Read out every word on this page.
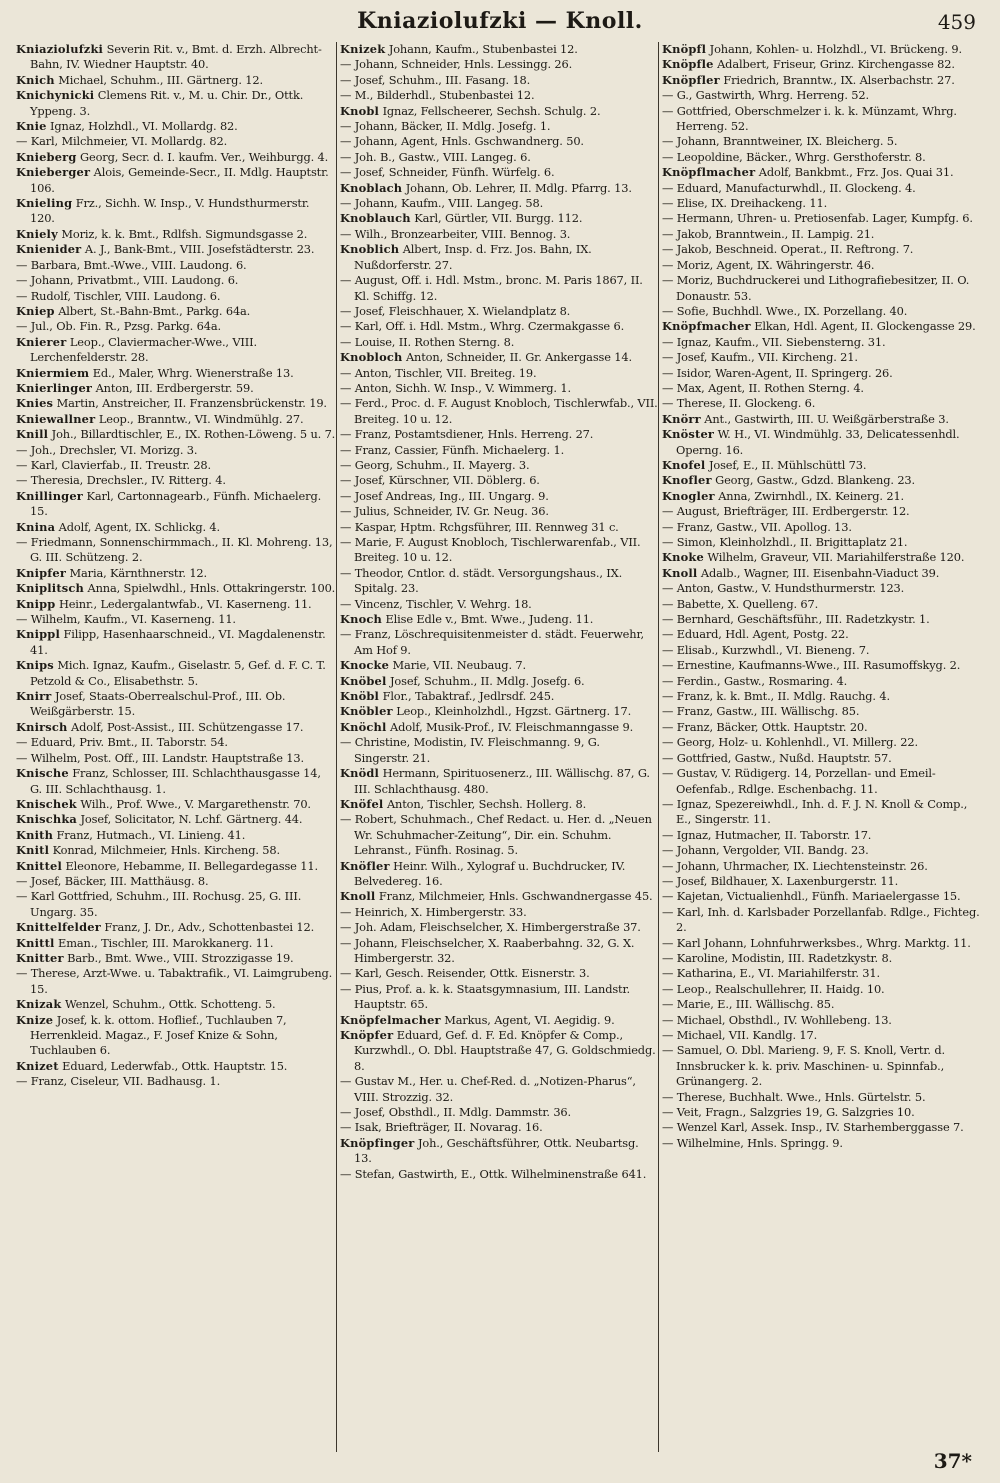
Kniaziolufzki — Knoll.	459

Kniaziolufzki Severin Rit. v., Bmt. d. Erzh. Albrecht-Bahn, IV. Wiedner Hauptstr. 40.

Knich Michael, Schuhm., III. Gärtnerg. 12.

Knichynicki Clemens Rit. v., M. u. Chir. Dr., Ottk. Yppeng. 3.

Knie Ignaz, Holzhdl., VI. Mollardg. 82.

— Karl, Milchmeier, VI. Mollardg. 82.

Knieberg Georg, Secr. d. I. kaufm. Ver., Weihburgg. 4.

Knieberger Alois, Gemeinde-Secr., II. Mdlg. Hauptstr. 106.

Knieling Frz., Sichh. W. Insp., V. Hundsthurmerstr. 120.

Kniely Moriz, k. k. Bmt., Rdlfsh. Sigmundsgasse 2.

Knienider A. J., Bank-Bmt., VIII. Josefstädterstr. 23.

— Barbara, Bmt.-Wwe., VIII. Laudong. 6.

— Johann, Privatbmt., VIII. Laudong. 6.

— Rudolf, Tischler, VIII. Laudong. 6.

Kniep Albert, St.-Bahn-Bmt., Parkg. 64a.

— Jul., Ob. Fin. R., Pzsg. Parkg. 64a.

Knierer Leop., Claviermacher-Wwe., VIII. Lerchenfelderstr. 28.

Kniermiem Ed., Maler, Whrg. Wienerstraße 13.

Knierlinger Anton, III. Erdbergerstr. 59.

Knies Martin, Anstreicher, II. Franzensbrückenstr. 19.

Kniewallner Leop., Branntw., VI. Windmühlg. 27.

Knill Joh., Billardtischler, E., IX. Rothen-Löweng. 5 u. 7.

— Joh., Drechsler, VI. Morizg. 3.

— Karl, Clavierfab., II. Treustr. 28.

— Theresia, Drechsler., IV. Ritterg. 4.

Knillinger Karl, Cartonnagearb., Fünfh. Michaelerg. 15.

Knina Adolf, Agent, IX. Schlickg. 4.

— Friedmann, Sonnenschirmmach., II. Kl. Mohreng. 13, G. III. Schützeng. 2.

Knipfer Maria, Kärnthnerstr. 12.

Kniplitsch Anna, Spielwdhl., Hnls. Ottakringerstr. 100.

Knipp Heinr., Ledergalantwfab., VI. Kaserneng. 11.

— Wilhelm, Kaufm., VI. Kaserneng. 11.

Knippl Filipp, Hasenhaarschneid., VI. Magdalenenstr. 41.

Knips Mich. Ignaz, Kaufm., Giselastr. 5, Gef. d. F. C. T. Petzold & Co., Elisabethstr. 5.

Knirr Josef, Staats-Oberrealschul-Prof., III. Ob. Weißgärberstr. 15.

Knirsch Adolf, Post-Assist., III. Schützengasse 17.

— Eduard, Priv. Bmt., II. Taborstr. 54.

— Wilhelm, Post. Off., III. Landstr. Hauptstraße 13.

Knische Franz, Schlosser, III. Schlachthausgasse 14, G. III. Schlachthausg. 1.

Knischek Wilh., Prof. Wwe., V. Margarethenstr. 70.

Knischka Josef, Solicitator, N. Lchf. Gärtnerg. 44.

Knith Franz, Hutmach., VI. Linieng. 41.

Knitl Konrad, Milchmeier, Hnls. Kircheng. 58.

Knittel Eleonore, Hebamme, II. Bellegardegasse 11.

— Josef, Bäcker, III. Matthäusg. 8.

— Karl Gottfried, Schuhm., III. Rochusg. 25, G. III. Ungarg. 35.

Knittelfelder Franz, J. Dr., Adv., Schottenbastei 12.

Knittl Eman., Tischler, III. Marokkanerg. 11.

Knitter Barb., Bmt. Wwe., VIII. Strozzigasse 19.

— Therese, Arzt-Wwe. u. Tabaktrafik., VI. Laimgrubeng. 15.

Knizak Wenzel, Schuhm., Ottk. Schotteng. 5.

Knize Josef, k. k. ottom. Hoflief., Tuchlauben 7, Herrenkleid. Magaz., F. Josef Knize & Sohn, Tuchlauben 6.

Knizet Eduard, Lederwfab., Ottk. Hauptstr. 15.

— Franz, Ciseleur, VII. Badhausg. 1.

Knizek Johann, Kaufm., Stubenbastei 12.

— Johann, Schneider, Hnls. Lessingg. 26.

— Josef, Schuhm., III. Fasang. 18.

— M., Bilderhdl., Stubenbastei 12.

Knobl Ignaz, Fellscheerer, Sechsh. Schulg. 2.

— Johann, Bäcker, II. Mdlg. Josefg. 1.

— Johann, Agent, Hnls. Gschwandnerg. 50.

— Joh. B., Gastw., VIII. Langeg. 6.

— Josef, Schneider, Fünfh. Würfelg. 6.

Knoblach Johann, Ob. Lehrer, II. Mdlg. Pfarrg. 13.

— Johann, Kaufm., VIII. Langeg. 58.

Knoblauch Karl, Gürtler, VII. Burgg. 112.

— Wilh., Bronzearbeiter, VIII. Bennog. 3.

Knoblich Albert, Insp. d. Frz. Jos. Bahn, IX. Nußdorferstr. 27.

— August, Off. i. Hdl. Mstm., bronc. M. Paris 1867, II. Kl. Schiffg. 12.

— Josef, Fleischhauer, X. Wielandplatz 8.

— Karl, Off. i. Hdl. Mstm., Whrg. Czermakgasse 6.

— Louise, II. Rothen Sterng. 8.

Knobloch Anton, Schneider, II. Gr. Ankergasse 14.

— Anton, Tischler, VII. Breiteg. 19.

— Anton, Sichh. W. Insp., V. Wimmerg. 1.

— Ferd., Proc. d. F. August Knobloch, Tischlerwfab., VII. Breiteg. 10 u. 12.

— Franz, Postamtsdiener, Hnls. Herreng. 27.

— Franz, Cassier, Fünfh. Michaelerg. 1.

— Georg, Schuhm., II. Mayerg. 3.

— Josef, Kürschner, VII. Döblerg. 6.

— Josef Andreas, Ing., III. Ungarg. 9.

— Julius, Schneider, IV. Gr. Neug. 36.

— Kaspar, Hptm. Rchgsführer, III. Rennweg 31 c.

— Marie, F. August Knobloch, Tischlerwarenfab., VII. Breiteg. 10 u. 12.

— Theodor, Cntlor. d. städt. Versorgungshaus., IX. Spitalg. 23.

— Vincenz, Tischler, V. Wehrg. 18.

Knoch Elise Edle v., Bmt. Wwe., Judeng. 11.

— Franz, Löschrequisitenmeister d. städt. Feuerwehr, Am Hof 9.

Knocke Marie, VII. Neubaug. 7.

Knöbel Josef, Schuhm., II. Mdlg. Josefg. 6.

Knöbl Flor., Tabaktraf., Jedlrsdf. 245.

Knöbler Leop., Kleinholzhdl., Hgzst. Gärtnerg. 17.

Knöchl Adolf, Musik-Prof., IV. Fleischmanngasse 9.

— Christine, Modistin, IV. Fleischmanng. 9, G. Singerstr. 21.

Knödl Hermann, Spirituosenerz., III. Wällischg. 87, G. III. Schlachthausg. 480.

Knöfel Anton, Tischler, Sechsh. Hollerg. 8.

— Robert, Schuhmach., Chef Redact. u. Her. d. „Neuen Wr. Schuhmacher-Zeitung“, Dir. ein. Schuhm. Lehranst., Fünfh. Rosinag. 5.

Knöfler Heinr. Wilh., Xylograf u. Buchdrucker, IV. Belvedereg. 16.

Knoll Franz, Milchmeier, Hnls. Gschwandnergasse 45.

— Heinrich, X. Himbergerstr. 33.

— Joh. Adam, Fleischselcher, X. Himbergerstraße 37.

— Johann, Fleischselcher, X. Raaberbahng. 32, G. X. Himbergerstr. 32.

— Karl, Gesch. Reisender, Ottk. Eisnerstr. 3.

— Pius, Prof. a. k. k. Staatsgymnasium, III. Landstr. Hauptstr. 65.

Knöpfelmacher Markus, Agent, VI. Aegidig. 9.

Knöpfer Eduard, Gef. d. F. Ed. Knöpfer & Comp., Kurzwhdl., O. Dbl. Hauptstraße 47, G. Goldschmiedg. 8.

— Gustav M., Her. u. Chef-Red. d. „Notizen-Pharus“, VIII. Strozzig. 32.

— Josef, Obsthdl., II. Mdlg. Dammstr. 36.

— Isak, Briefträger, II. Novarag. 16.

Knöpfinger Joh., Geschäftsführer, Ottk. Neubartsg. 13.

— Stefan, Gastwirth, E., Ottk. Wilhelminenstraße 641.

Knöpfl Johann, Kohlen- u. Holzhdl., VI. Brückeng. 9.

Knöpfle Adalbert, Friseur, Grinz. Kirchengasse 82.

Knöpfler Friedrich, Branntw., IX. Alserbachstr. 27.

— G., Gastwirth, Whrg. Herreng. 52.

— Gottfried, Oberschmelzer i. k. k. Münzamt, Whrg. Herreng. 52.

— Johann, Branntweiner, IX. Bleicherg. 5.

— Leopoldine, Bäcker., Whrg. Gersthoferstr. 8.

Knöpflmacher Adolf, Bankbmt., Frz. Jos. Quai 31.

— Eduard, Manufacturwhdl., II. Glockeng. 4.

— Elise, IX. Dreihackeng. 11.

— Hermann, Uhren- u. Pretiosenfab. Lager, Kumpfg. 6.

— Jakob, Branntwein., II. Lampig. 21.

— Jakob, Beschneid. Operat., II. Reftrong. 7.

— Moriz, Agent, IX. Währingerstr. 46.

— Moriz, Buchdruckerei und Lithografiebesitzer, II. O. Donaustr. 53.

— Sofie, Buchhdl. Wwe., IX. Porzellang. 40.

Knöpfmacher Elkan, Hdl. Agent, II. Glockengasse 29.

— Ignaz, Kaufm., VII. Siebensterng. 31.

— Josef, Kaufm., VII. Kircheng. 21.

— Isidor, Waren-Agent, II. Springerg. 26.

— Max, Agent, II. Rothen Sterng. 4.

— Therese, II. Glockeng. 6.

Knörr Ant., Gastwirth, III. U. Weißgärberstraße 3.

Knöster W. H., VI. Windmühlg. 33, Delicatessenhdl. Operng. 16.

Knofel Josef, E., II. Mühlschüttl 73.

Knofler Georg, Gastw., Gdzd. Blankeng. 23.

Knogler Anna, Zwirnhdl., IX. Keinerg. 21.

— August, Briefträger, III. Erdbergerstr. 12.

— Franz, Gastw., VII. Apollog. 13.

— Simon, Kleinholzhdl., II. Brigittaplatz 21.

Knoke Wilhelm, Graveur, VII. Mariahilferstraße 120.

Knoll Adalb., Wagner, III. Eisenbahn-Viaduct 39.

— Anton, Gastw., V. Hundsthurmerstr. 123.

— Babette, X. Quelleng. 67.

— Bernhard, Geschäftsführ., III. Radetzkystr. 1.

— Eduard, Hdl. Agent, Postg. 22.

— Elisab., Kurzwhdl., VI. Bieneng. 7.

— Ernestine, Kaufmanns-Wwe., III. Rasumoffskyg. 2.

— Ferdin., Gastw., Rosmaring. 4.

— Franz, k. k. Bmt., II. Mdlg. Rauchg. 4.

— Franz, Gastw., III. Wällischg. 85.

— Franz, Bäcker, Ottk. Hauptstr. 20.

— Georg, Holz- u. Kohlenhdl., VI. Millerg. 22.

— Gottfried, Gastw., Nußd. Hauptstr. 57.

— Gustav, V. Rüdigerg. 14, Porzellan- und Emeil-Oefenfab., Rdlge. Eschenbachg. 11.

— Ignaz, Spezereiwhdl., Inh. d. F. J. N. Knoll & Comp., E., Singerstr. 11.

— Ignaz, Hutmacher, II. Taborstr. 17.

— Johann, Vergolder, VII. Bandg. 23.

— Johann, Uhrmacher, IX. Liechtensteinstr. 26.

— Josef, Bildhauer, X. Laxenburgerstr. 11.

— Kajetan, Victualienhdl., Fünfh. Mariaelergasse 15.

— Karl, Inh. d. Karlsbader Porzellanfab. Rdlge., Fichteg. 2.

— Karl Johann, Lohnfuhrwerksbes., Whrg. Marktg. 11.

— Karoline, Modistin, III. Radetzkystr. 8.

— Katharina, E., VI. Mariahilferstr. 31.

— Leop., Realschullehrer, II. Haidg. 10.

— Marie, E., III. Wällischg. 85.

— Michael, Obsthdl., IV. Wohllebeng. 13.

— Michael, VII. Kandlg. 17.

— Samuel, O. Dbl. Marieng. 9, F. S. Knoll, Vertr. d. Innsbrucker k. k. priv. Maschinen- u. Spinnfab., Grünangerg. 2.

— Therese, Buchhalt. Wwe., Hnls. Gürtelstr. 5.

— Veit, Fragn., Salzgries 19, G. Salzgries 10.

— Wenzel Karl, Assek. Insp., IV. Starhemberggasse 7.

— Wilhelmine, Hnls. Springg. 9.

37*
